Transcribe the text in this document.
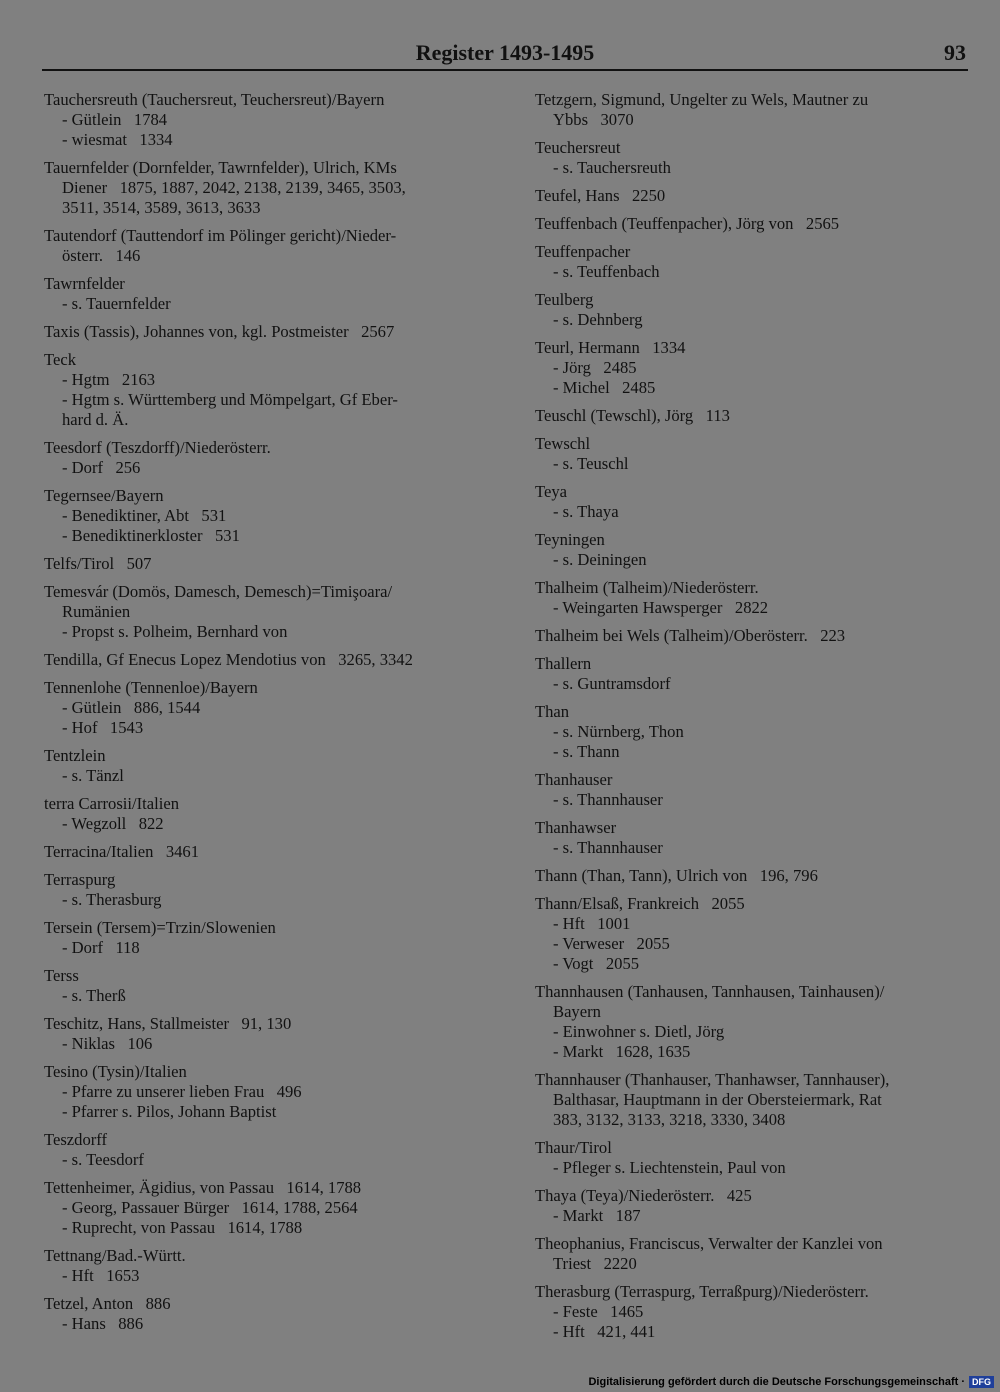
Register 1493-1495	93
Tauchersreuth (Tauchersreut, Teuchersreut)/Bayern
- Gütlein   1784
- wiesmat   1334
Tauernfelder (Dornfelder, Tawrnfelder), Ulrich, KMs
Diener   1875, 1887, 2042, 2138, 2139, 3465, 3503,
3511, 3514, 3589, 3613, 3633
Tautendorf (Tauttendorf im Pölinger gericht)/Nieder-
österr.   146
Tawrnfelder
- s. Tauernfelder
Taxis (Tassis), Johannes von, kgl. Postmeister   2567
Teck
- Hgtm   2163
- Hgtm s. Württemberg und Mömpelgart, Gf Eber-
hard d. Ä.
Teesdorf (Teszdorff)/Niederösterr.
- Dorf   256
Tegernsee/Bayern
- Benediktiner, Abt   531
- Benediktinerkloster   531
Telfs/Tirol   507
Temesvár (Domös, Damesch, Demesch)=Timişoara/
Rumänien
- Propst s. Polheim, Bernhard von
Tendilla, Gf Enecus Lopez Mendotius von   3265, 3342
Tennenlohe (Tennenloe)/Bayern
- Gütlein   886, 1544
- Hof   1543
Tentzlein
- s. Tänzl
terra Carrosii/Italien
- Wegzoll   822
Terracina/Italien   3461
Terraspurg
- s. Therasburg
Tersein (Tersem)=Trzin/Slowenien
- Dorf   118
Terss
- s. Therß
Teschitz, Hans, Stallmeister   91, 130
- Niklas   106
Tesino (Tysin)/Italien
- Pfarre zu unserer lieben Frau   496
- Pfarrer s. Pilos, Johann Baptist
Teszdorff
- s. Teesdorf
Tettenheimer, Ägidius, von Passau   1614, 1788
- Georg, Passauer Bürger   1614, 1788, 2564
- Ruprecht, von Passau   1614, 1788
Tettnang/Bad.-Württ.
- Hft   1653
Tetzel, Anton   886
- Hans   886
Tetzgern, Sigmund, Ungelter zu Wels, Mautner zu
Ybbs   3070
Teuchersreut
- s. Tauchersreuth
Teufel, Hans   2250
Teuffenbach (Teuffenpacher), Jörg von   2565
Teuffenpacher
- s. Teuffenbach
Teulberg
- s. Dehnberg
Teurl, Hermann   1334
- Jörg   2485
- Michel   2485
Teuschl (Tewschl), Jörg   113
Tewschl
- s. Teuschl
Teya
- s. Thaya
Teyningen
- s. Deiningen
Thalheim (Talheim)/Niederösterr.
- Weingarten Hawsperger   2822
Thalheim bei Wels (Talheim)/Oberösterr.   223
Thallern
- s. Guntramsdorf
Than
- s. Nürnberg, Thon
- s. Thann
Thanhauser
- s. Thannhauser
Thanhawser
- s. Thannhauser
Thann (Than, Tann), Ulrich von   196, 796
Thann/Elsaß, Frankreich   2055
- Hft   1001
- Verweser   2055
- Vogt   2055
Thannhausen (Tanhausen, Tannhausen, Tainhausen)/
Bayern
- Einwohner s. Dietl, Jörg
- Markt   1628, 1635
Thannhauser (Thanhauser, Thanhawser, Tannhauser),
Balthasar, Hauptmann in der Obersteiermark, Rat
383, 3132, 3133, 3218, 3330, 3408
Thaur/Tirol
- Pfleger s. Liechtenstein, Paul von
Thaya (Teya)/Niederösterr.   425
- Markt   187
Theophanius, Franciscus, Verwalter der Kanzlei von
Triest   2220
Therasburg (Terraspurg, Terraßpurg)/Niederösterr.
- Feste   1465
- Hft   421, 441
Digitalisierung gefördert durch die Deutsche Forschungsgemeinschaft · DFG
